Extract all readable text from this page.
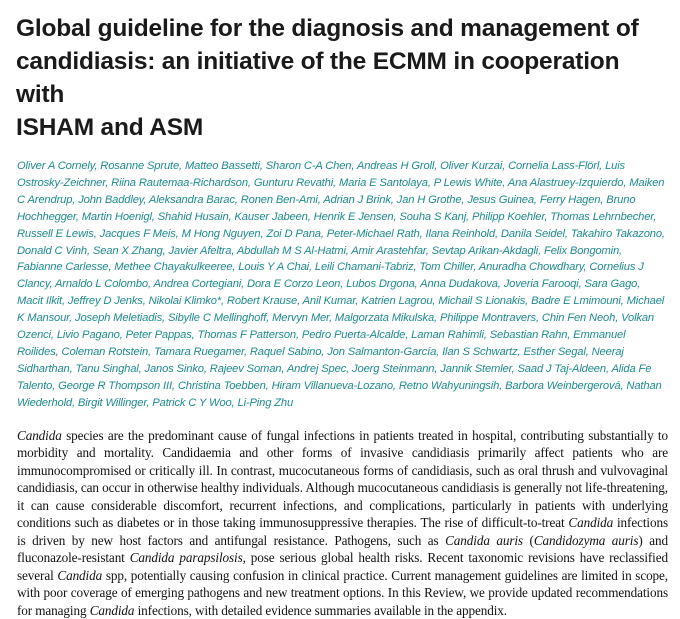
Global guideline for the diagnosis and management of
candidiasis: an initiative of the ECMM in cooperation with
ISHAM and ASM

Oliver A Cornely, Rosanne Sprute, Matteo Bassetti, Sharon C-A Chen, Andreas H Groll, Oliver Kurzai, Cornelia Lass-Flörl, Luis Ostrosky-Zeichner, Riina Rautemaa-Richardson, Gunturu Revathi, Maria E Santolaya, P Lewis White, Ana Alastruey-Izquierdo, Maiken C Arendrup, John Baddley, Aleksandra Barac, Ronen Ben-Ami, Adrian J Brink, Jan H Grothe, Jesus Guinea, Ferry Hagen, Bruno Hochhegger, Martin Hoenigl, Shahid Husain, Kauser Jabeen, Henrik E Jensen, Souha S Kanj, Philipp Koehler, Thomas Lehrnbecher, Russell E Lewis, Jacques F Meis, M Hong Nguyen, Zoi D Pana, Peter-Michael Rath, Ilana Reinhold, Danila Seidel, Takahiro Takazono, Donald C Vinh, Sean X Zhang, Javier Afeltra, Abdullah M S Al-Hatmi, Amir Arastehfar, Sevtap Arikan-Akdagli, Felix Bongomin, Fabianne Carlesse, Methee Chayakulkeeree, Louis Y A Chai, Leili Chamani-Tabriz, Tom Chiller, Anuradha Chowdhary, Cornelius J Clancy, Arnaldo L Colombo, Andrea Cortegiani, Dora E Corzo Leon, Lubos Drgona, Anna Dudakova, Joveria Farooqi, Sara Gago, Macit Ilkit, Jeffrey D Jenks, Nikolai Klimko*, Robert Krause, Anil Kumar, Katrien Lagrou, Michail S Lionakis, Badre E Lmimouni, Michael K Mansour, Joseph Meletiadis, Sibylle C Mellinghoff, Mervyn Mer, Malgorzata Mikulska, Philippe Montravers, Chin Fen Neoh, Volkan Ozenci, Livio Pagano, Peter Pappas, Thomas F Patterson, Pedro Puerta-Alcalde, Laman Rahimli, Sebastian Rahn, Emmanuel Roilides, Coleman Rotstein, Tamara Ruegamer, Raquel Sabino, Jon Salmanton-García, Ilan S Schwartz, Esther Segal, Neeraj Sidharthan, Tanu Singhal, Janos Sinko, Rajeev Soman, Andrej Spec, Joerg Steinmann, Jannik Stemler, Saad J Taj-Aldeen, Alida Fe Talento, George R Thompson III, Christina Toebben, Hiram Villanueva-Lozano, Retno Wahyuningsih, Barbora Weinbergerová, Nathan Wiederhold, Birgit Willinger, Patrick C Y Woo, Li-Ping Zhu

Candida species are the predominant cause of fungal infections in patients treated in hospital, contributing substantially to morbidity and mortality. Candidaemia and other forms of invasive candidiasis primarily affect patients who are immunocompromised or critically ill. In contrast, mucocutaneous forms of candidiasis, such as oral thrush and vulvovaginal candidiasis, can occur in otherwise healthy individuals. Although mucocutaneous candidiasis is generally not life-threatening, it can cause considerable discomfort, recurrent infections, and complications, particularly in patients with underlying conditions such as diabetes or in those taking immunosuppressive therapies. The rise of difficult-to-treat Candida infections is driven by new host factors and antifungal resistance. Pathogens, such as Candida auris (Candidozyma auris) and fluconazole-resistant Candida parapsilosis, pose serious global health risks. Recent taxonomic revisions have reclassified several Candida spp, potentially causing confusion in clinical practice. Current management guidelines are limited in scope, with poor coverage of emerging pathogens and new treatment options. In this Review, we provide updated recommendations for managing Candida infections, with detailed evidence summaries available in the appendix.
